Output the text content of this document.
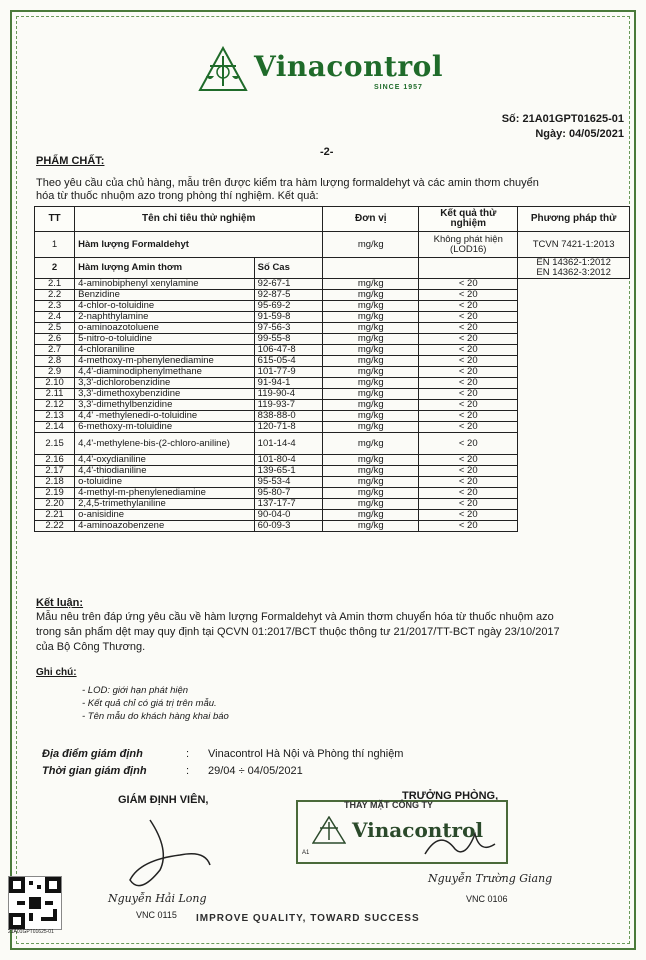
Vinacontrol
SINCE 1957
Số: 21A01GPT01625-01
Ngày: 04/05/2021
-2-
PHẨM CHẤT:
Theo yêu cầu của chủ hàng, mẫu trên được kiểm tra hàm lượng formaldehyt và các amin thơm chuyển
hóa từ thuốc nhuộm azo trong phòng thí nghiệm. Kết quả:
TT	Tên chỉ tiêu thử nghiệm		Đơn vị	Kết quả thử nghiệm	Phương pháp thử
1	Hàm lượng Formaldehyt		mg/kg	Không phát hiện (LOD16)	TCVN 7421-1:2013
2	Hàm lượng Amin thơm	Số Cas			EN 14362-1:2012
EN 14362-3:2012

2.1	4-aminobiphenyl xenylamine	92-67-1	mg/kg	< 20	
2.2	Benzidine	92-87-5	mg/kg	< 20	
2.3	4-chlor-o-toluidine	95-69-2	mg/kg	< 20	
2.4	2-naphthylamine	91-59-8	mg/kg	< 20	
2.5	o-aminoazotoluene	97-56-3	mg/kg	< 20	
2.6	5-nitro-o-toluidine	99-55-8	mg/kg	< 20	
2.7	4-chloraniline	106-47-8	mg/kg	< 20	
2.8	4-methoxy-m-phenylenediamine	615-05-4	mg/kg	< 20	
2.9	4,4'-diaminodiphenylmethane	101-77-9	mg/kg	< 20	
2.10	3,3'-dichlorobenzidine	91-94-1	mg/kg	< 20	
2.11	3,3'-dimethoxybenzidine	119-90-4	mg/kg	< 20	
2.12	3,3'-dimethylbenzidine	119-93-7	mg/kg	< 20	
2.13	4,4' -methylenedi-o-toluidine	838-88-0	mg/kg	< 20	
2.14	6-methoxy-m-toluidine	120-71-8	mg/kg	< 20	
2.15	4,4'-methylene-bis-(2-chloro-aniline)	101-14-4	mg/kg	< 20	
2.16	4,4'-oxydianiline	101-80-4	mg/kg	< 20	
2.17	4,4'-thiodianiline	139-65-1	mg/kg	< 20	
2.18	o-toluidine	95-53-4	mg/kg	< 20	
2.19	4-methyl-m-phenylenediamine	95-80-7	mg/kg	< 20	
2.20	2,4,5-trimethylaniline	137-17-7	mg/kg	< 20	
2.21	o-anisidine	90-04-0	mg/kg	< 20	
2.22	4-aminoazobenzene	60-09-3	mg/kg	< 20	
Kết luận:
Mẫu nêu trên đáp ứng yêu cầu về hàm lượng Formaldehyt và Amin thơm chuyển hóa từ thuốc nhuộm azo
trong sản phẩm dệt may quy định tại QCVN 01:2017/BCT thuộc thông tư 21/2017/TT-BCT ngày 23/10/2017
của Bộ Công Thương.
Ghi chú:
- LOD: giới hạn phát hiện
- Kết quả chỉ có giá trị trên mẫu.
- Tên mẫu do khách hàng khai báo
Địa điểm giám định	: Vinacontrol Hà Nội và Phòng thí nghiệm
Thời gian giám định	: 29/04 ÷ 04/05/2021
GIÁM ĐỊNH VIÊN,	TRƯỞNG PHÒNG,
THAY MẶT CÔNG TY
Vinacontrol
A1
Nguyễn Hải Long
VNC 0115
Nguyễn Trường Giang
VNC 0106
21A01GPT01625-01
IMPROVE QUALITY, TOWARD SUCCESS
